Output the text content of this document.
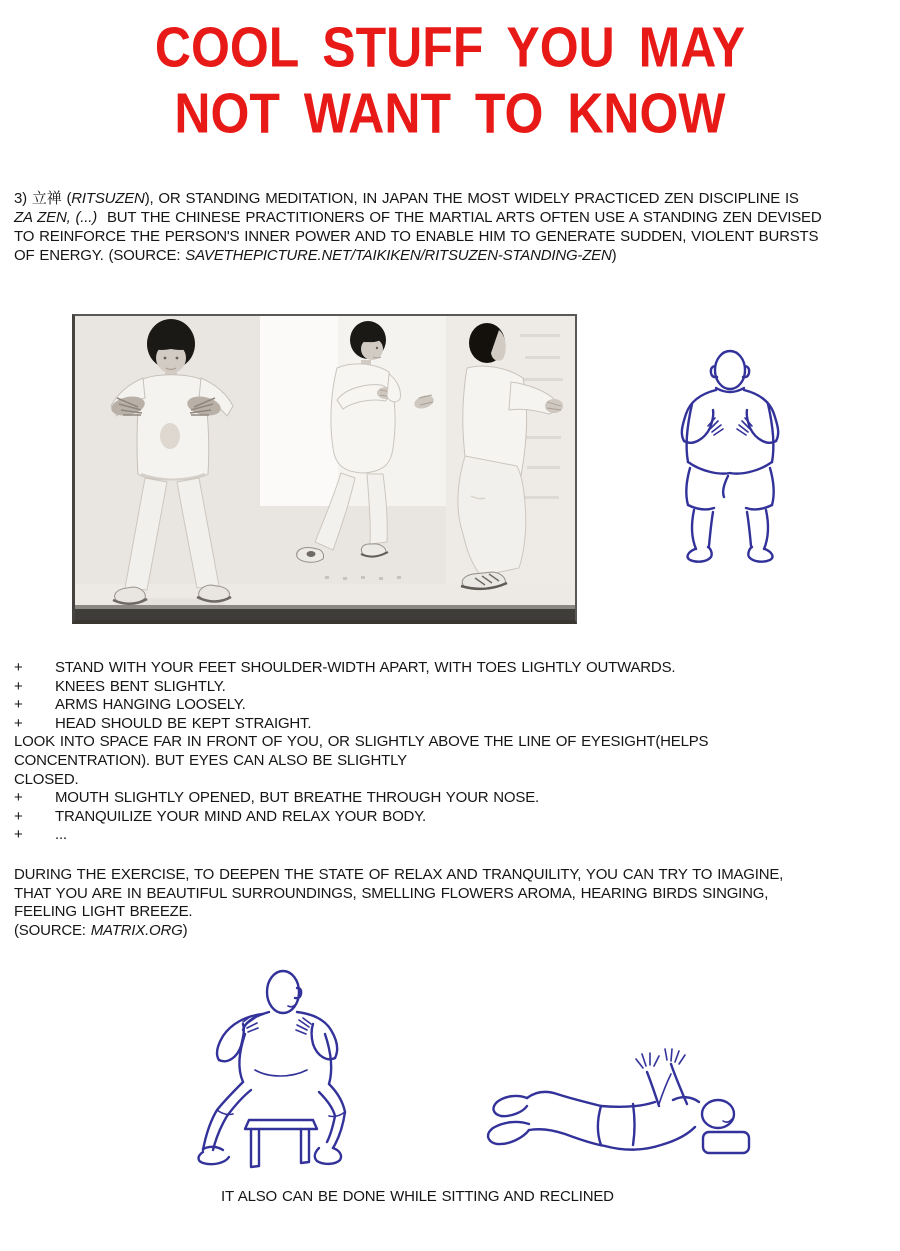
COOL STUFF YOU MAY
NOT WANT TO KNOW
3) 立禅 (RITSUZEN), OR STANDING MEDITATION, IN JAPAN THE MOST WIDELY PRACTICED ZEN DISCIPLINE IS
ZA ZEN, (...)  BUT THE CHINESE PRACTITIONERS OF THE MARTIAL ARTS OFTEN USE A STANDING ZEN DEVISED
TO REINFORCE THE PERSON'S INNER POWER AND TO ENABLE HIM TO GENERATE SUDDEN, VIOLENT BURSTS
OF ENERGY. (SOURCE: SAVETHEPICTURE.NET/TAIKIKEN/RITSUZEN-STANDING-ZEN)
+ STAND WITH YOUR FEET SHOULDER-WIDTH APART, WITH TOES LIGHTLY OUTWARDS.
+ KNEES BENT SLIGHTLY.
+ ARMS HANGING LOOSELY.
+ HEAD SHOULD BE KEPT STRAIGHT.
LOOK INTO SPACE FAR IN FRONT OF YOU, OR SLIGHTLY ABOVE THE LINE OF EYESIGHT(HELPS
CONCENTRATION). BUT EYES CAN ALSO BE SLIGHTLY
CLOSED.
+ MOUTH SLIGHTLY OPENED, BUT BREATHE THROUGH YOUR NOSE.
+ TRANQUILIZE YOUR MIND AND RELAX YOUR BODY.
+ ...
DURING THE EXERCISE, TO DEEPEN THE STATE OF RELAX AND TRANQUILITY, YOU CAN TRY TO IMAGINE,
THAT YOU ARE IN BEAUTIFUL SURROUNDINGS, SMELLING FLOWERS AROMA, HEARING BIRDS SINGING,
FEELING LIGHT BREEZE.
(SOURCE: MATRIX.ORG)
IT ALSO CAN BE DONE WHILE SITTING AND RECLINED
